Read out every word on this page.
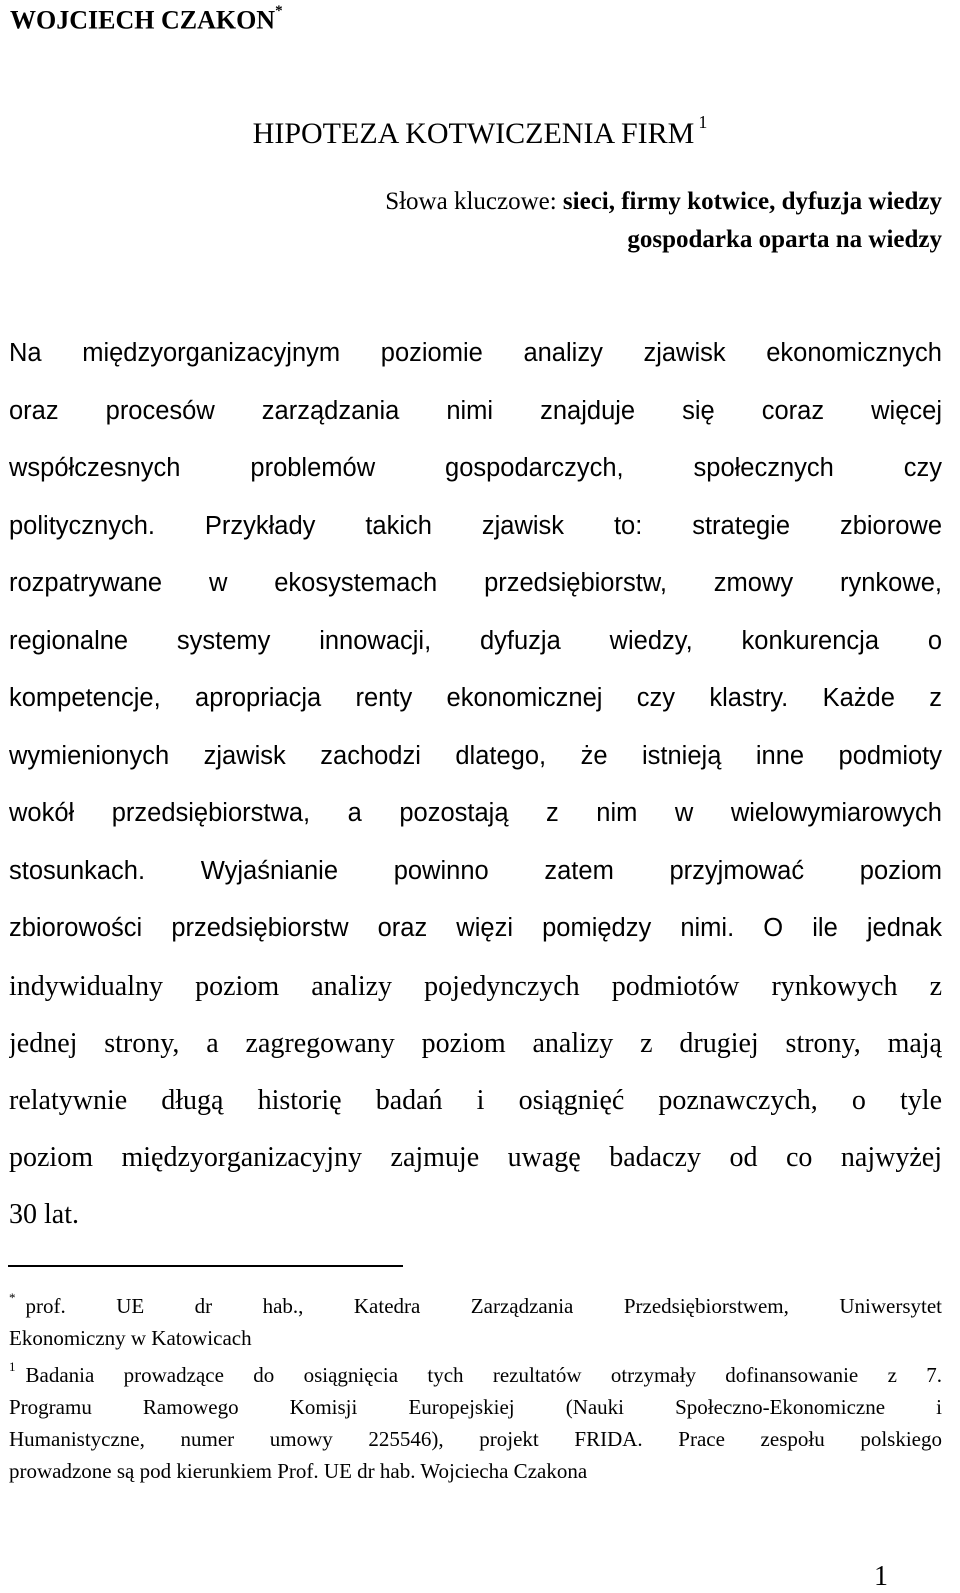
WOJCIECH CZAKON*
HIPOTEZA KOTWICZENIA FIRM $^1$
Słowa kluczowe: sieci, firmy kotwice, dyfuzja wiedzy
gospodarka oparta na wiedzy
Na międzyorganizacyjnym poziomie analizy zjawisk ekonomicznych
oraz procesów zarządzania nimi znajduje się coraz więcej
współczesnych problemów gospodarczych, społecznych czy
politycznych. Przykłady takich zjawisk to: strategie zbiorowe
rozpatrywane w ekosystemach przedsiębiorstw, zmowy rynkowe,
regionalne systemy innowacji, dyfuzja wiedzy, konkurencja o
kompetencje, apropriacja renty ekonomicznej czy klastry. Każde z
wymienionych zjawisk zachodzi dlatego, że istnieją inne podmioty
wokół przedsiębiorstwa, a pozostają z nim w wielowymiarowych
stosunkach. Wyjaśnianie powinno zatem przyjmować poziom
zbiorowości przedsiębiorstw oraz więzi pomiędzy nimi. O ile jednak
indywidualny poziom analizy pojedynczych podmiotów rynkowych z
jednej strony, a zagregowany poziom analizy z drugiej strony, mają
relatywnie długą historię badań i osiągnięć poznawczych, o tyle
poziom międzyorganizacyjny zajmuje uwagę badaczy od co najwyżej
30 lat.
* prof. UE dr hab., Katedra Zarządzania Przedsiębiorstwem, Uniwersytet
Ekonomiczny w Katowicach
$^1$ Badania prowadzące do osiągnięcia tych rezultatów otrzymały dofinansowanie z 7.
Programu Ramowego Komisji Europejskiej (Nauki Społeczno-Ekonomiczne i
Humanistyczne, numer umowy 225546), projekt FRIDA. Prace zespołu polskiego
prowadzone są pod kierunkiem Prof. UE dr hab. Wojciecha Czakona
1
